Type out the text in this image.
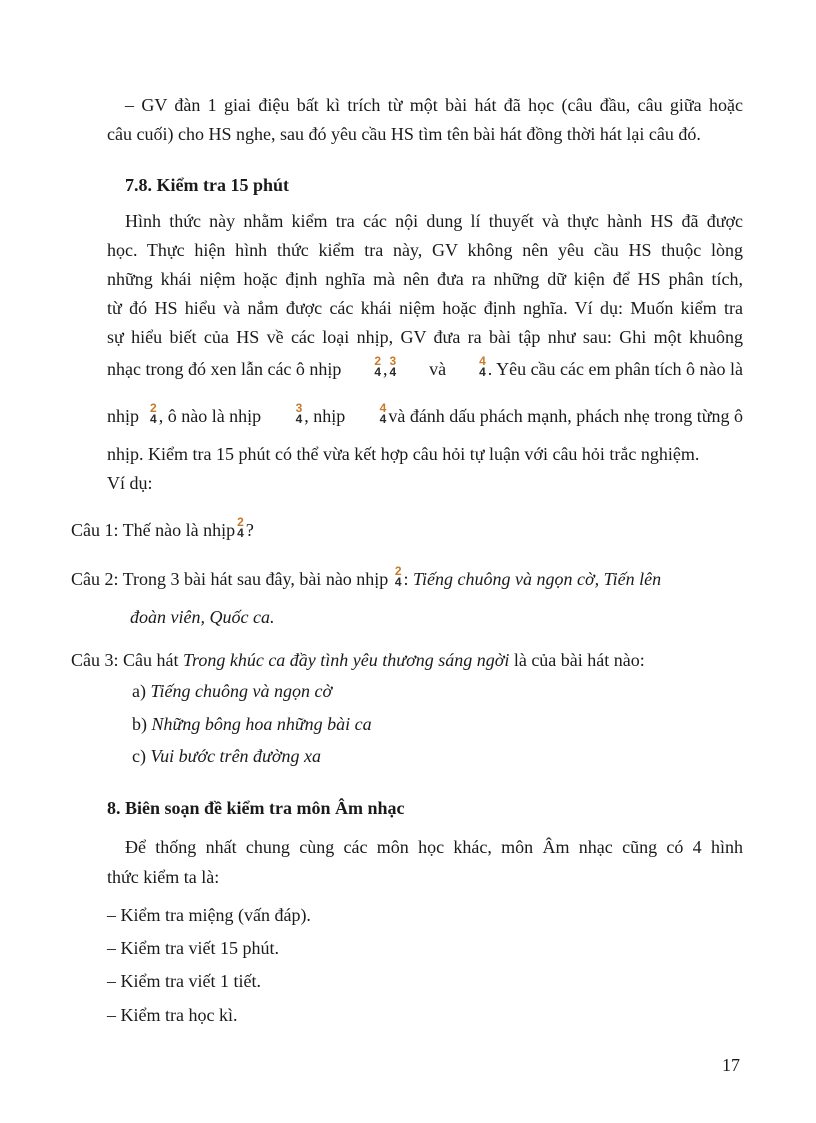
– GV đàn 1 giai điệu bất kì trích từ một bài hát đã học (câu đầu, câu giữa hoặc
câu cuối) cho HS nghe, sau đó yêu cầu HS tìm tên bài hát đồng thời hát lại câu đó.
7.8. Kiểm tra 15 phút
Hình thức này nhằm kiểm tra các nội dung lí thuyết và thực hành HS đã được
học. Thực hiện hình thức kiểm tra này, GV không nên yêu cầu HS thuộc lòng
những khái niệm hoặc định nghĩa mà nên đưa ra những dữ kiện để HS phân tích,
từ đó HS hiểu và nắm được các khái niệm hoặc định nghĩa. Ví dụ: Muốn kiểm tra
sự hiểu biết của HS về các loại nhịp, GV đưa ra bài tập như sau: Ghi một khuông
nhạc trong đó xen lẫn các ô nhịp	2
4 , 3
4 và	4
4 . Yêu cầu các em phân tích ô nào là
nhịp
2
4 , ô nào là nhịp	3
4 , nhịp	4
4 và đánh dấu phách mạnh, phách nhẹ trong từng ô
nhịp. Kiểm tra 15 phút có thể vừa kết hợp câu hỏi tự luận với câu hỏi trắc nghiệm.
Ví dụ:
Câu 1: Thế nào là nhịp 2
4 ?
Câu 2: Trong 3 bài hát sau đây, bài nào nhịp
2
4 :
Tiếng chuông và ngọn cờ, Tiến lên
đoàn viên, Quốc ca.
Câu 3: Câu hát Trong khúc ca đầy tình yêu thương sáng ngời là của bài hát nào:
a) Tiếng chuông và ngọn cờ
b) Những bông hoa những bài ca
c) Vui bước trên đường xa
8. Biên soạn đề kiểm tra môn Âm nhạc
Để thống nhất chung cùng các môn học khác, môn Âm nhạc cũng có 4 hình
thức kiểm ta là:
– Kiểm tra miệng (vấn đáp).
– Kiểm tra viết 15 phút.
– Kiểm tra viết 1 tiết.
– Kiểm tra học kì.
17
